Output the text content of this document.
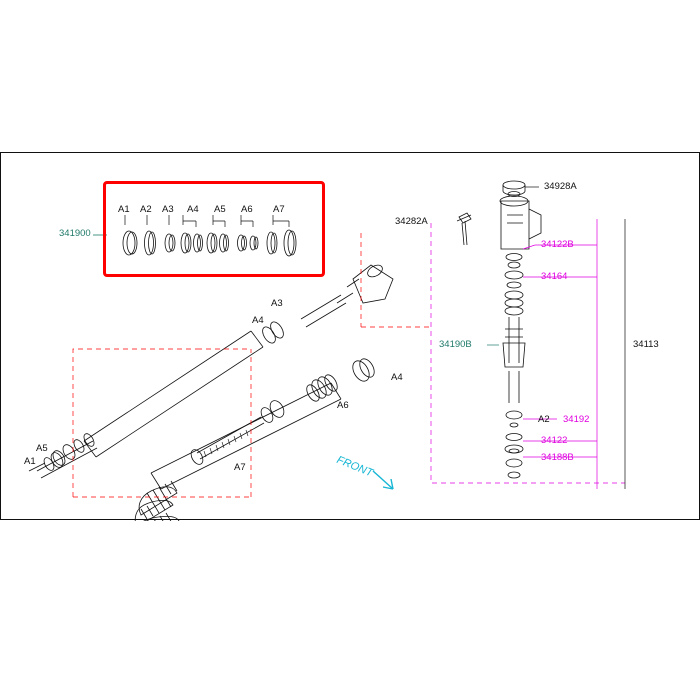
341900
A1 A2 A3 A4 A5 A6 A7
34282A
34928A
34122B
34164
34190B	34113
A2 34192
34122
34188B
A3
A4
A4
A6
A7
A5
A1	FRONT
